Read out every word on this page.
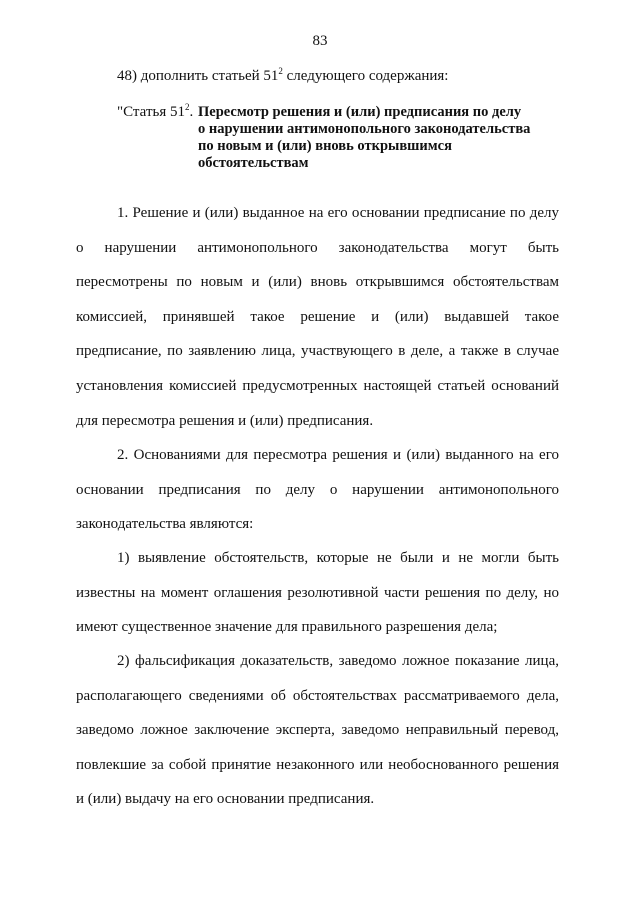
83
48) дополнить статьей $51^2$ следующего содержания:
"Статья $51^2$. Пересмотр решения и (или) предписания по делу
о нарушении антимонопольного законодательства
по новым и (или) вновь открывшимся
обстоятельствам
1. Решение и (или) выданное на его основании предписание по делу
о нарушении антимонопольного законодательства могут быть
пересмотрены по новым и (или) вновь открывшимся обстоятельствам
комиссией, принявшей такое решение и (или) выдавшей такое
предписание, по заявлению лица, участвующего в деле, а также в случае
установления комиссией предусмотренных настоящей статьей оснований
для пересмотра решения и (или) предписания.
2. Основаниями для пересмотра решения и (или) выданного на его
основании предписания по делу о нарушении антимонопольного
законодательства являются:
1) выявление обстоятельств, которые не были и не могли быть
известны на момент оглашения резолютивной части решения по делу, но
имеют существенное значение для правильного разрешения дела;
2) фальсификация доказательств, заведомо ложное показание лица,
располагающего сведениями об обстоятельствах рассматриваемого дела,
заведомо ложное заключение эксперта, заведомо неправильный перевод,
повлекшие за собой принятие незаконного или необоснованного решения
и (или) выдачу на его основании предписания.
